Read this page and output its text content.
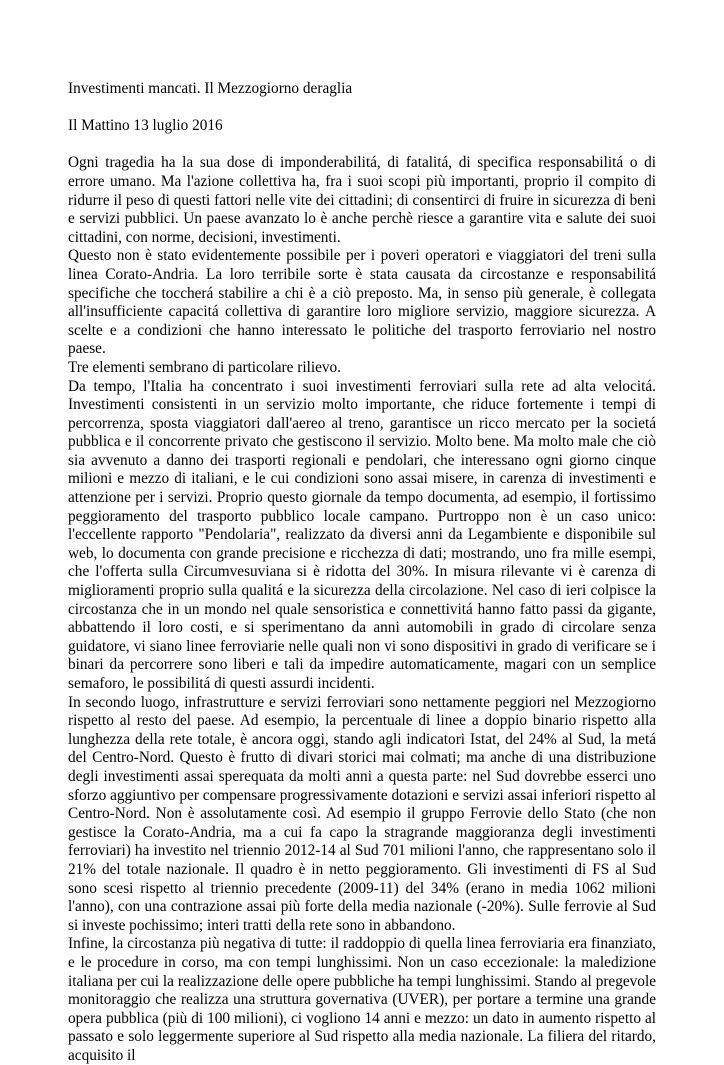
Investimenti mancati. Il Mezzogiorno deraglia

Il Mattino 13 luglio 2016

Ogni tragedia ha la sua dose di imponderabilitá, di fatalitá, di specifica responsabilitá o di errore umano. Ma l'azione collettiva ha, fra i suoi scopi più importanti, proprio il compito di ridurre il peso di questi fattori nelle vite dei cittadini; di consentirci di fruire in sicurezza di beni e servizi pubblici. Un paese avanzato lo è anche perchè riesce a garantire vita e salute dei suoi cittadini, con norme, decisioni, investimenti.

Questo non è stato evidentemente possibile per i poveri operatori e viaggiatori del treni sulla linea Corato-Andria. La loro terribile sorte è stata causata da circostanze e responsabilitá specifiche che toccherá stabilire a chi è a ciò preposto. Ma, in senso più generale, è collegata all'insufficiente capacitá collettiva di garantire loro migliore servizio, maggiore sicurezza. A scelte e a condizioni che hanno interessato le politiche del trasporto ferroviario nel nostro paese.

Tre elementi sembrano di particolare rilievo.

Da tempo, l'Italia ha concentrato i suoi investimenti ferroviari sulla rete ad alta velocitá. Investimenti consistenti in un servizio molto importante, che riduce fortemente i tempi di percorrenza, sposta viaggiatori dall'aereo al treno, garantisce un ricco mercato per la societá pubblica e il concorrente privato che gestiscono il servizio. Molto bene. Ma molto male che ciò sia avvenuto a danno dei trasporti regionali e pendolari, che interessano ogni giorno cinque milioni e mezzo di italiani, e le cui condizioni sono assai misere, in carenza di investimenti e attenzione per i servizi. Proprio questo giornale da tempo documenta, ad esempio, il fortissimo peggioramento del trasporto pubblico locale campano. Purtroppo non è un caso unico: l'eccellente rapporto "Pendolaria", realizzato da diversi anni da Legambiente e disponibile sul web, lo documenta con grande precisione e ricchezza di dati; mostrando, uno fra mille esempi, che l'offerta sulla Circumvesuviana si è ridotta del 30%. In misura rilevante vi è carenza di miglioramenti proprio sulla qualitá e la sicurezza della circolazione. Nel caso di ieri colpisce la circostanza che in un mondo nel quale sensoristica e connettivitá hanno fatto passi da gigante, abbattendo il loro costi, e si sperimentano da anni automobili in grado di circolare senza guidatore, vi siano linee ferroviarie nelle quali non vi sono dispositivi in grado di verificare se i binari da percorrere sono liberi e tali da impedire automaticamente, magari con un semplice semaforo, le possibilitá di questi assurdi incidenti.

In secondo luogo, infrastrutture e servizi ferroviari sono nettamente peggiori nel Mezzogiorno rispetto al resto del paese. Ad esempio, la percentuale di linee a doppio binario rispetto alla lunghezza della rete totale, è ancora oggi, stando agli indicatori Istat, del 24% al Sud, la metá del Centro-Nord. Questo è frutto di divari storici mai colmati; ma anche di una distribuzione degli investimenti assai sperequata da molti anni a questa parte: nel Sud dovrebbe esserci uno sforzo aggiuntivo per compensare progressivamente dotazioni e servizi assai inferiori rispetto al Centro-Nord. Non è assolutamente così. Ad esempio il gruppo Ferrovie dello Stato (che non gestisce la Corato-Andria, ma a cui fa capo la stragrande maggioranza degli investimenti ferroviari) ha investito nel triennio 2012-14 al Sud 701 milioni l'anno, che rappresentano solo il 21% del totale nazionale. Il quadro è in netto peggioramento. Gli investimenti di FS al Sud sono scesi rispetto al triennio precedente (2009-11) del 34% (erano in media 1062 milioni l'anno), con una contrazione assai più forte della media nazionale (-20%). Sulle ferrovie al Sud si investe pochissimo; interi tratti della rete sono in abbandono.

Infine, la circostanza più negativa di tutte: il raddoppio di quella linea ferroviaria era finanziato, e le procedure in corso, ma con tempi lunghissimi. Non un caso eccezionale: la maledizione italiana per cui la realizzazione delle opere pubbliche ha tempi lunghissimi. Stando al pregevole monitoraggio che realizza una struttura governativa (UVER), per portare a termine una grande opera pubblica (più di 100 milioni), ci vogliono 14 anni e mezzo: un dato in aumento rispetto al passato e solo leggermente superiore al Sud rispetto alla media nazionale. La filiera del ritardo, acquisito il
